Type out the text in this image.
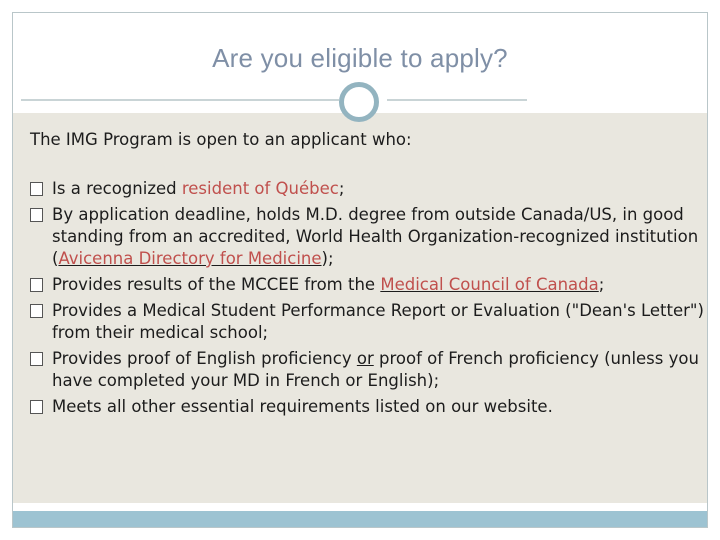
Are you eligible to apply?

The IMG Program is open to an applicant who:

Is a recognized resident of Québec;
By application deadline, holds M.D. degree from outside Canada/US, in good standing from an accredited, World Health Organization-recognized institution (Avicenna Directory for Medicine);
Provides results of the MCCEE from the Medical Council of Canada;
Provides a Medical Student Performance Report or Evaluation ("Dean's Letter") from their medical school;
Provides proof of English proficiency or proof of French proficiency (unless you have completed your MD in French or English);
Meets all other essential requirements listed on our website.
